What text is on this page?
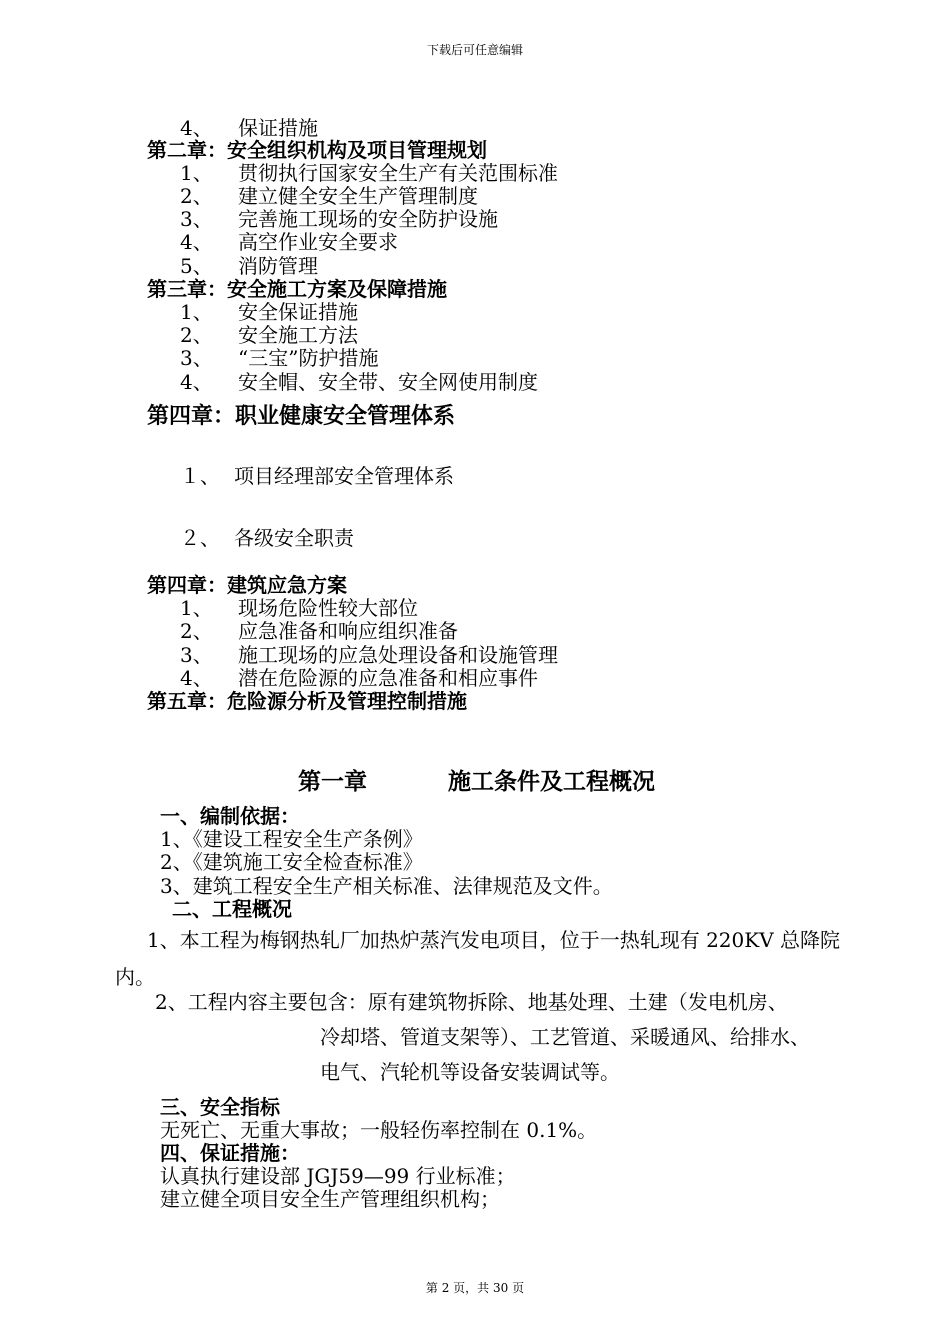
下载后可任意编辑
4、 保证措施
第二章：安全组织机构及项目管理规划
1、 贯彻执行国家安全生产有关范围标准
2、 建立健全安全生产管理制度
3、 完善施工现场的安全防护设施
4、 高空作业安全要求
5、 消防管理
第三章：安全施工方案及保障措施
1、 安全保证措施
2、 安全施工方法
3、 “三宝”防护措施
4、 安全帽、安全带、安全网使用制度
第四章：职业健康安全管理体系
１、 项目经理部安全管理体系
２、 各级安全职责
第四章：建筑应急方案
1、 现场危险性较大部位
2、 应急准备和响应组织准备
3、 施工现场的应急处理设备和设施管理
4、 潜在危险源的应急准备和相应事件
第五章：危险源分析及管理控制措施
第一章	施工条件及工程概况
一、编制依据：
1、《建设工程安全生产条例》
2、《建筑施工安全检查标准》
3、建筑工程安全生产相关标准、法律规范及文件。
二、工程概况
1、本工程为梅钢热轧厂加热炉蒸汽发电项目，位于一热轧现有 220KV 总降院内。
2、工程内容主要包含：原有建筑物拆除、地基处理、土建（发电机房、
冷却塔、管道支架等）、工艺管道、采暖通风、给排水、
电气、汽轮机等设备安装调试等。
三、安全指标
无死亡、无重大事故；一般轻伤率控制在 0.1%。
四、保证措施：
认真执行建设部 JGJ59—99 行业标准；
建立健全项目安全生产管理组织机构；
第 2 页，共 30 页
